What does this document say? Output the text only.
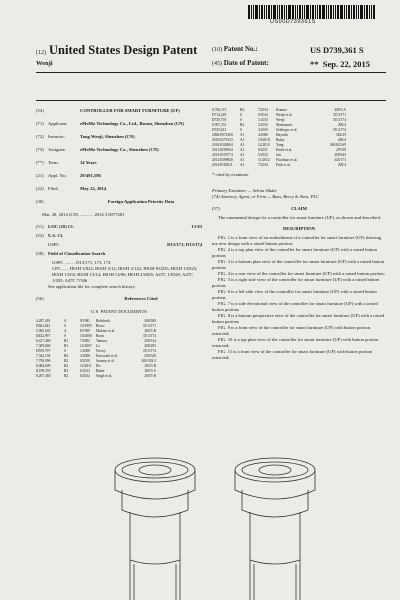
US00D739361S
(12) United States Design Patent
Wenji
(10) Patent No.:	US D739,361 S
(45) Date of Patent:	** Sep. 22, 2015
(54)	CONTROLLER FOR SMART FURNITURE (UF)
(71) Applicant:	eMoMo Technology Co., Ltd., Bacun, Shenzhen (CN)
(72) Inventor:	Tang Wenji, Shenzhen (CN)
(73) Assignee:	eMoMo Technology Co., Shenzhen (CN)
(**) Term:	14 Years
(21) Appl. No.:	29/491,586
(22) Filed:	May 22, 2014
(30)	Foreign Application Priority Data
Mar. 28, 2014 (CN) ............ 2014 3 0077481
(51) LOC (10) Cl.	13-03

(52) U.S. Cl.

USPC	D13/171; D13/174
(58) Field of Classification Search

USPC ......... D13/171, 173, 174
CPC ...... H01H 3/022; H01H 3/12; H01H 3/122; H01H 9/0235; H01H 13/023; H01H 13/04; H01H 13/14; H01H 13/86; H01H 23/065; A47C 1/0345; A47C 1/035; A47C 7/506
See application file for complete search history.
(56)	References Cited
U.S. PATENT DOCUMENTS
4,287,401	A	9/1981	Rohrbach	200/308
D362,841	S	10/1995	Rizzo	D13/171
5,965,645	A	8/1999	Makino et al.	200/5 R
D432,997	S	10/2000	Bonn	D13/174
6,417,469	B1	7/2002	Tamura	200/314
7,309,840	B1	12/2007	Le	200/293
D559,797	S	1/2008	Novoy	D13/174
7,342,194	B2	3/2008	Karwoski et al.	200/329
7,790,996	B2	9/2010	Swamy et al.	200/318.2
8,084,699	B2	12/2011	Ho	200/5 R
8,198,555	B2	6/2012	Baker	200/5 A
8,207,460	B2	6/2012	Singh et al.	200/5 R
8,766,115	B2	7/2014	Kramer	200/5 A
D714,229	S	9/2014	Wenji et al.	D13/171
D720,705	S	1/2015	Wenji	D13/174
8,957,331	B2	2/2015	Matsumoto	200/4
D725,612	S	3/2015	Schlieper et al.	D13/174
2006/0072300	A1	4/2006	Hayashi	362/29
2010/0270133	A1	10/2010	Baker	200/4
2010/0328694	A1	12/2010	Yang	340/825.69
2011/0198094	A1	8/2011	Hsieh et al.	297/68
2012/0103774	A1	5/2012	Jan	200/345
2012/0299838	A1	11/2012	Flachbart et al.	345/173
2014/0183011	A1	7/2014	Park et al.	200/4
* cited by examiner
Primary Examiner — Selina Sikder
(74) Attorney, Agent, or Firm — Bass, Berry & Sims, PLC
(57)	CLAIM
The ornamental design for a controller for smart furniture (UF), as shown and described.
DESCRIPTION

FIG. 1 is a front view of an embodiment of a controller for smart furniture (UF) showing my new design with a raised button portion;

FIG. 2 is a top plan view of the controller for smart furniture (UF) with a raised button portion;

FIG. 3 is a bottom plan view of the controller for smart furniture (UF) with a raised button portion;

FIG. 4 is a rear view of the controller for smart furniture (UF) with a raised button portion;

FIG. 5 is a right side view of the controller for smart furniture (UF) with a raised button portion;

FIG. 6 is a left side view of the controller for smart furniture (UF) with a raised button portion;

FIG. 7 is a side elevational view of the controller for smart furniture (UF) with a raised button portion;

FIG. 8 is a bottom perspective view of the controller for smart furniture (UF) with a raised button portion;

FIG. 9 is a front view of the controller for smart furniture (UF) with button portion retracted;

FIG. 10 is a top plan view of the controller for smart furniture (UF) with button portion retracted;

FIG. 11 is a front view of the controller for smart furniture (UF) with button portion retracted;
